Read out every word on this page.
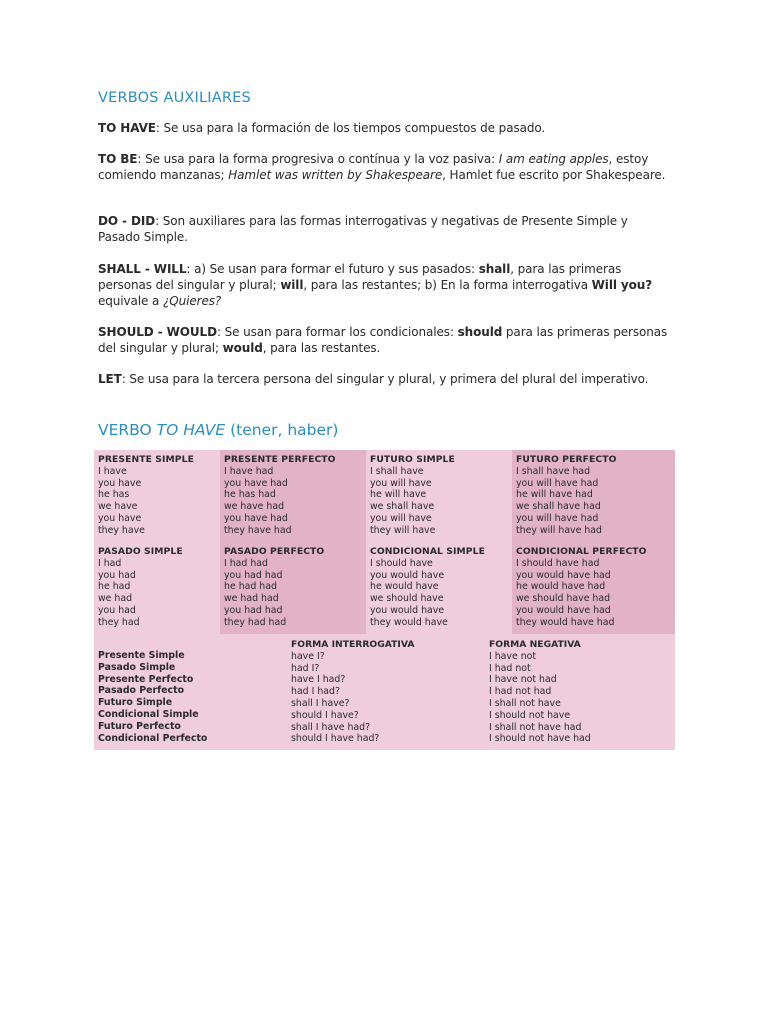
VERBOS AUXILIARES
TO HAVE: Se usa para la formación de los tiempos compuestos de pasado.
TO BE: Se usa para la forma progresiva o contínua y la voz pasiva: I am eating apples, estoy comiendo manzanas; Hamlet was written by Shakespeare, Hamlet fue escrito por Shakespeare.
DO - DID: Son auxiliares para las formas interrogativas y negativas de Presente Simple y Pasado Simple.
SHALL - WILL: a) Se usan para formar el futuro y sus pasados: shall, para las primeras personas del singular y plural; will, para las restantes; b) En la forma interrogativa Will you? equivale a ¿Quieres?
SHOULD - WOULD: Se usan para formar los condicionales: should para las primeras personas del singular y plural; would, para las restantes.
LET: Se usa para la tercera persona del singular y plural, y primera del plural del imperativo.
VERBO TO HAVE (tener, haber)
PRESENTE SIMPLE
I have
you have
he has
we have
you have
they have
PRESENTE PERFECTO
I have had
you have had
he has had
we have had
you have had
they have had
FUTURO SIMPLE
I shall have
you will have
he will have
we shall have
you will have
they will have
FUTURO PERFECTO
I shall have had
you will have had
he will have had
we shall have had
you will have had
they will have had
PASADO SIMPLE
I had
you had
he had
we had
you had
they had
PASADO PERFECTO
I had had
you had had
he had had
we had had
you had had
they had had
CONDICIONAL SIMPLE
I should have
you would have
he would have
we should have
you would have
they would have
CONDICIONAL PERFECTO
I should have had
you would have had
he would have had
we should have had
you would have had
they would have had
Presente Simple
Pasado Simple
Presente Perfecto
Pasado Perfecto
Futuro Simple
Condicional Simple
Futuro Perfecto
Condicional Perfecto
FORMA INTERROGATIVA
have I?
had I?
have I had?
had I had?
shall I have?
should I have?
shall I have had?
should I have had?
FORMA NEGATIVA
I have not
I had not
I have not had
I had not had
I shall not have
I should not have
I shall not have had
I should not have had
